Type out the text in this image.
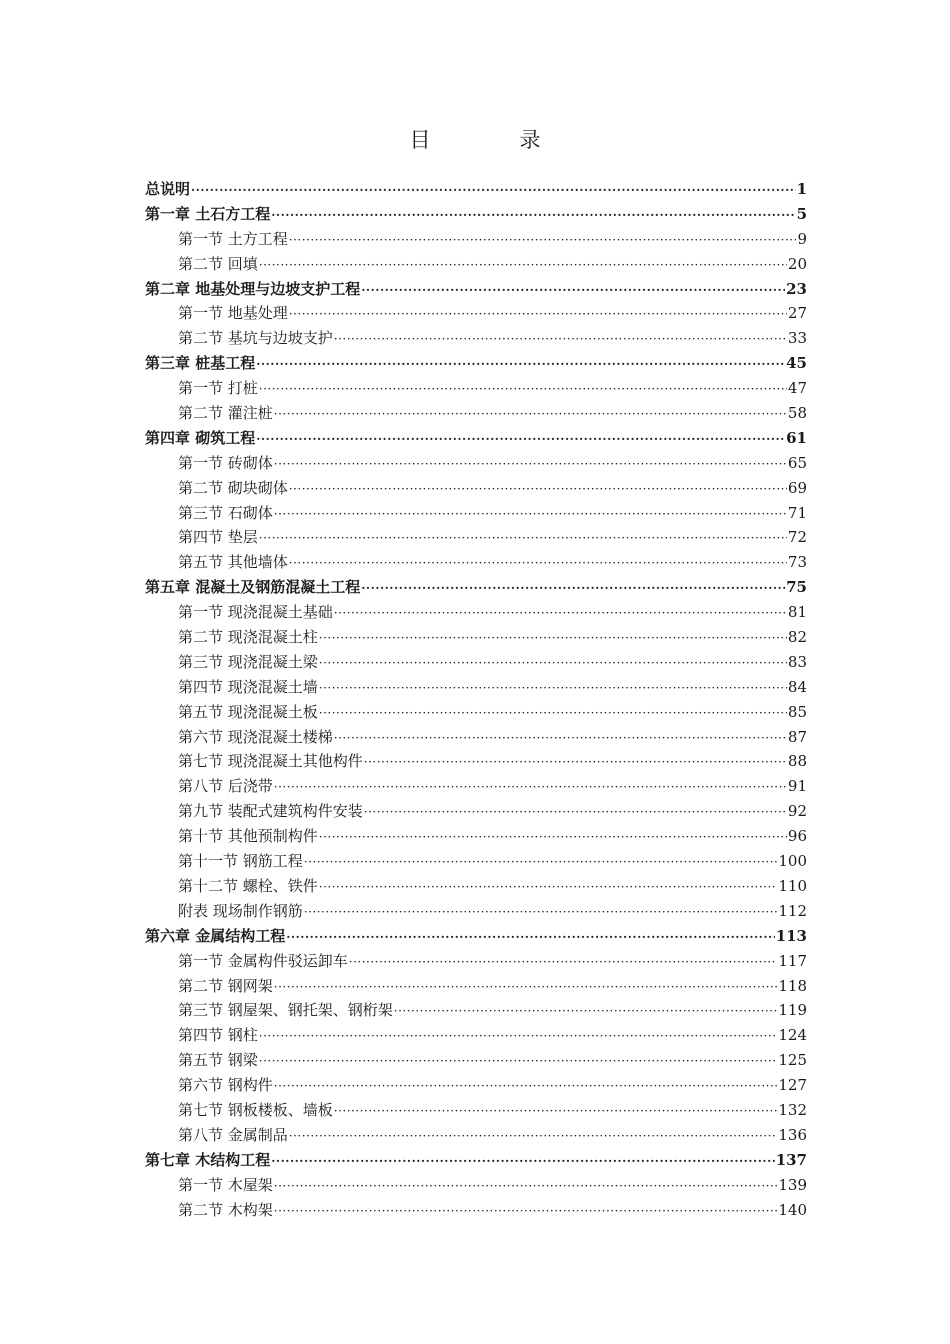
目　录
总说明 ·····	1
第一章 土石方工程 ·····	5
第一节 土方工程 ·····	9
第二节 回填 ·····	20
第二章 地基处理与边坡支护工程 ·····	23
第一节 地基处理 ·····	27
第二节 基坑与边坡支护 ·····	33
第三章 桩基工程 ·····	45
第一节 打桩 ·····	47
第二节 灌注桩 ·····	58
第四章 砌筑工程 ·····	61
第一节 砖砌体 ·····	65
第二节 砌块砌体 ·····	69
第三节 石砌体 ·····	71
第四节 垫层 ·····	72
第五节 其他墙体 ·····	73
第五章 混凝土及钢筋混凝土工程 ·····	75
第一节 现浇混凝土基础 ·····	81
第二节 现浇混凝土柱 ·····	82
第三节 现浇混凝土梁 ·····	83
第四节 现浇混凝土墙 ·····	84
第五节 现浇混凝土板 ·····	85
第六节 现浇混凝土楼梯 ·····	87
第七节 现浇混凝土其他构件 ·····	88
第八节 后浇带 ·····	91
第九节 装配式建筑构件安装 ·····	92
第十节 其他预制构件 ·····	96
第十一节 钢筋工程 ·····	100
第十二节 螺栓、铁件 ·····	110
附表 现场制作钢筋 ·····	112
第六章 金属结构工程 ·····	113
第一节 金属构件驳运卸车 ·····	117
第二节 钢网架 ·····	118
第三节 钢屋架、钢托架、钢桁架 ·····	119
第四节 钢柱 ·····	124
第五节 钢梁 ·····	125
第六节 钢构件 ·····	127
第七节 钢板楼板、墙板 ·····	132
第八节 金属制品 ·····	136
第七章 木结构工程 ·····	137
第一节 木屋架 ·····	139
第二节 木构架 ·····	140
